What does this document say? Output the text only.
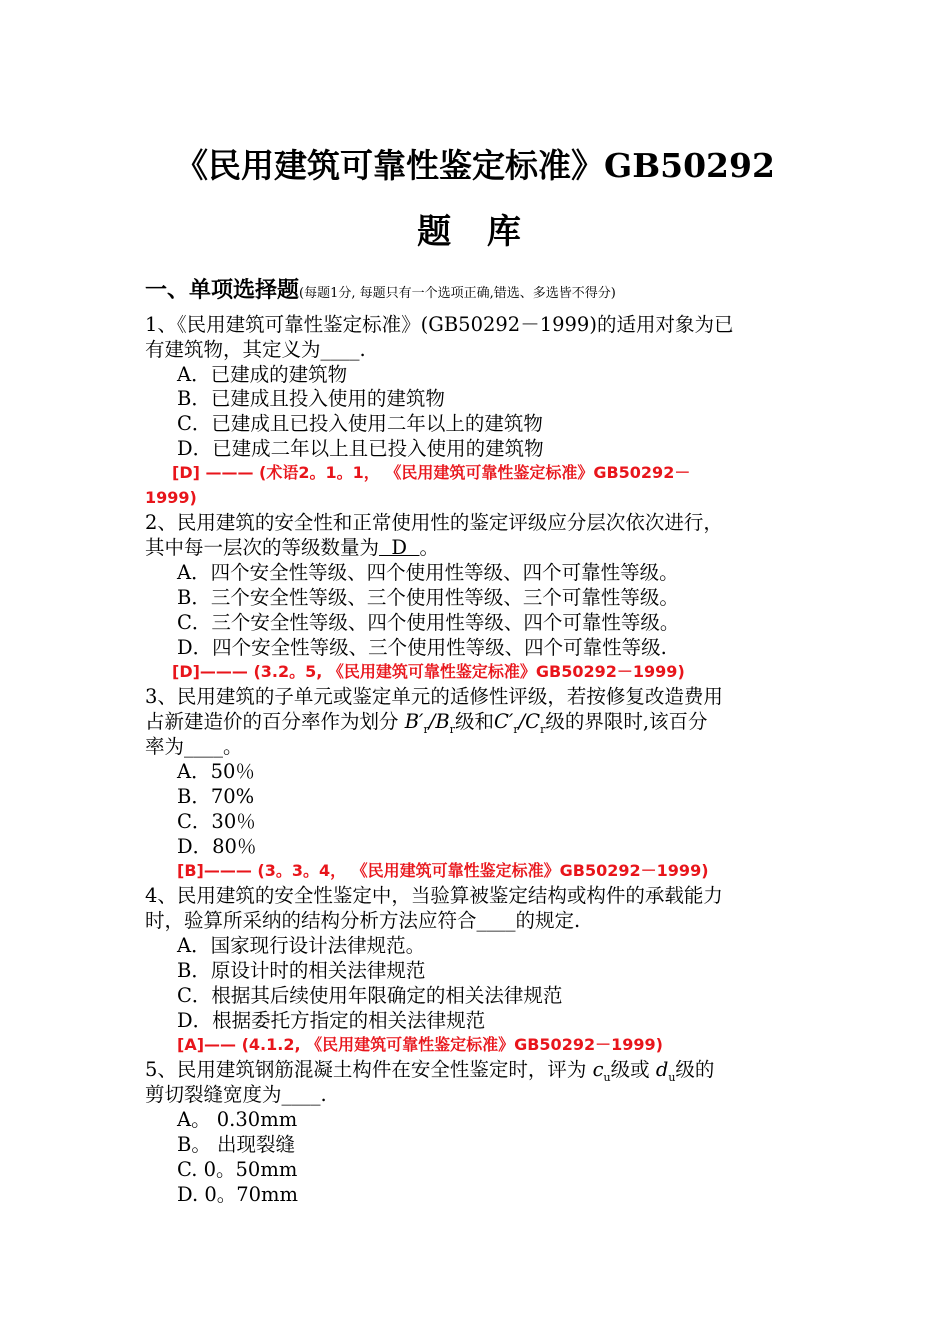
《民用建筑可靠性鉴定标准》GB50292
题 库
一、单项选择题(每题1分, 每题只有一个选项正确,错选、多选皆不得分)
1、《民用建筑可靠性鉴定标准》(GB50292－1999)的适用对象为已
有建筑物，其定义为____.
A．已建成的建筑物
B．已建成且投入使用的建筑物
C．已建成且已投入使用二年以上的建筑物
D．已建成二年以上且已投入使用的建筑物
[D] ——— (术语2。1。1， 《民用建筑可靠性鉴定标准》GB50292－
1999)
2、民用建筑的安全性和正常使用性的鉴定评级应分层次依次进行，
其中每一层次的等级数量为  D  。
A．四个安全性等级、四个使用性等级、四个可靠性等级。
B．三个安全性等级、三个使用性等级、三个可靠性等级。
C．三个安全性等级、四个使用性等级、四个可靠性等级。
D．四个安全性等级、三个使用性等级、四个可靠性等级.
[D]——— (3.2。5, 《民用建筑可靠性鉴定标准》GB50292－1999)
3、民用建筑的子单元或鉴定单元的适修性评级，若按修复改造费用
占新建造价的百分率作为划分 $B'_r/B_r$级和$C'_r/C_r$级的界限时,该百分
率为____。
A．50％
B．70%
C．30％
D．80％
[B]——— (3。3。4， 《民用建筑可靠性鉴定标准》GB50292－1999)
4、民用建筑的安全性鉴定中，当验算被鉴定结构或构件的承载能力
时，验算所采纳的结构分析方法应符合____的规定.
A．国家现行设计法律规范。
B．原设计时的相关法律规范
C．根据其后续使用年限确定的相关法律规范
D．根据委托方指定的相关法律规范
[A]—— (4.1.2, 《民用建筑可靠性鉴定标准》GB50292－1999)
5、民用建筑钢筋混凝土构件在安全性鉴定时，评为 $c_u$级或 $d_u$级的
剪切裂缝宽度为____.
A。 0.30mm
B。 出现裂缝
C. 0。50mm
D. 0。70mm
